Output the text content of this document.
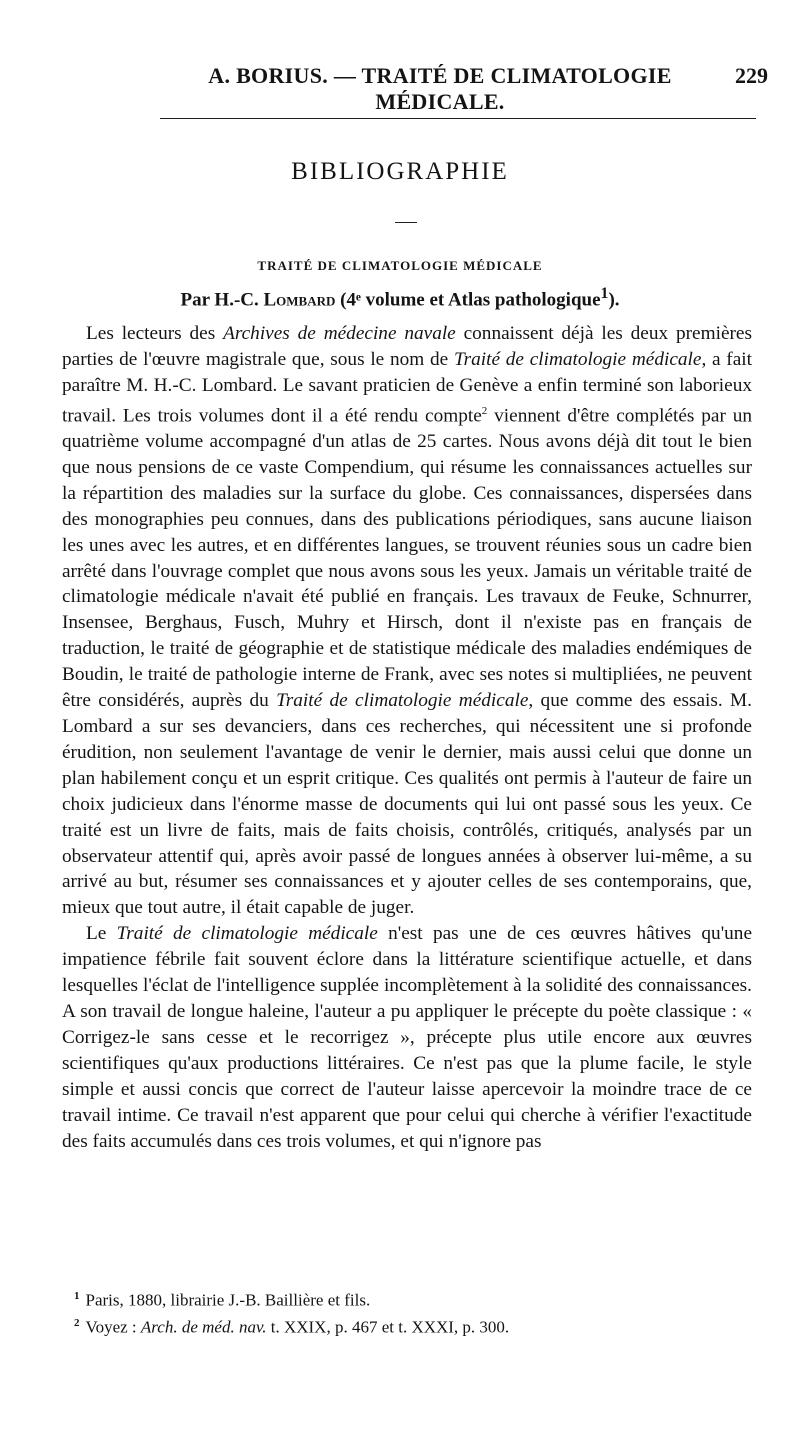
A. BORIUS. — TRAITÉ DE CLIMATOLOGIE MÉDICALE.
229
BIBLIOGRAPHIE
TRAITÉ DE CLIMATOLOGIE MÉDICALE
Par H.-C. Lombard (4ᵉ volume et Atlas pathologique$^1$).

Les lecteurs des Archives de médecine navale connaissent déjà les deux premières parties de l'œuvre magistrale que, sous le nom de Traité de climatologie médicale, a fait paraître M. H.-C. Lombard. Le savant praticien de Genève a enfin terminé son laborieux travail. Les trois volumes dont il a été rendu compte$^2$ viennent d'être complétés par un quatrième volume accompagné d'un atlas de 25 cartes. Nous avons déjà dit tout le bien que nous pensions de ce vaste Compendium, qui résume les connaissances actuelles sur la répartition des maladies sur la surface du globe. Ces connaissances, dispersées dans des monographies peu connues, dans des publications périodiques, sans aucune liaison les unes avec les autres, et en différentes langues, se trouvent réunies sous un cadre bien arrêté dans l'ouvrage complet que nous avons sous les yeux. Jamais un véritable traité de climatologie médicale n'avait été publié en français. Les travaux de Feuke, Schnurrer, Insensee, Berghaus, Fusch, Muhry et Hirsch, dont il n'existe pas en français de traduction, le traité de géographie et de statistique médicale des maladies endémiques de Boudin, le traité de pathologie interne de Frank, avec ses notes si multipliées, ne peuvent être considérés, auprès du Traité de climatologie médicale, que comme des essais. M. Lombard a sur ses devanciers, dans ces recherches, qui nécessitent une si profonde érudition, non seulement l'avantage de venir le dernier, mais aussi celui que donne un plan habilement conçu et un esprit critique. Ces qualités ont permis à l'auteur de faire un choix judicieux dans l'énorme masse de documents qui lui ont passé sous les yeux. Ce traité est un livre de faits, mais de faits choisis, contrôlés, critiqués, analysés par un observateur attentif qui, après avoir passé de longues années à observer lui-même, a su arrivé au but, résumer ses connaissances et y ajouter celles de ses contemporains, que, mieux que tout autre, il était capable de juger.

Le Traité de climatologie médicale n'est pas une de ces œuvres hâtives qu'une impatience fébrile fait souvent éclore dans la littérature scientifique actuelle, et dans lesquelles l'éclat de l'intelligence supplée incomplètement à la solidité des connaissances. A son travail de longue haleine, l'auteur a pu appliquer le précepte du poète classique : « Corrigez-le sans cesse et le recorrigez », précepte plus utile encore aux œuvres scientifiques qu'aux productions littéraires. Ce n'est pas que la plume facile, le style simple et aussi concis que correct de l'auteur laisse apercevoir la moindre trace de ce travail intime. Ce travail n'est apparent que pour celui qui cherche à vérifier l'exactitude des faits accumulés dans ces trois volumes, et qui n'ignore pas

$^1$ Paris, 1880, librairie J.-B. Baillière et fils.

$^2$ Voyez : Arch. de méd. nav. t. XXIX, p. 467 et t. XXXI, p. 300.
